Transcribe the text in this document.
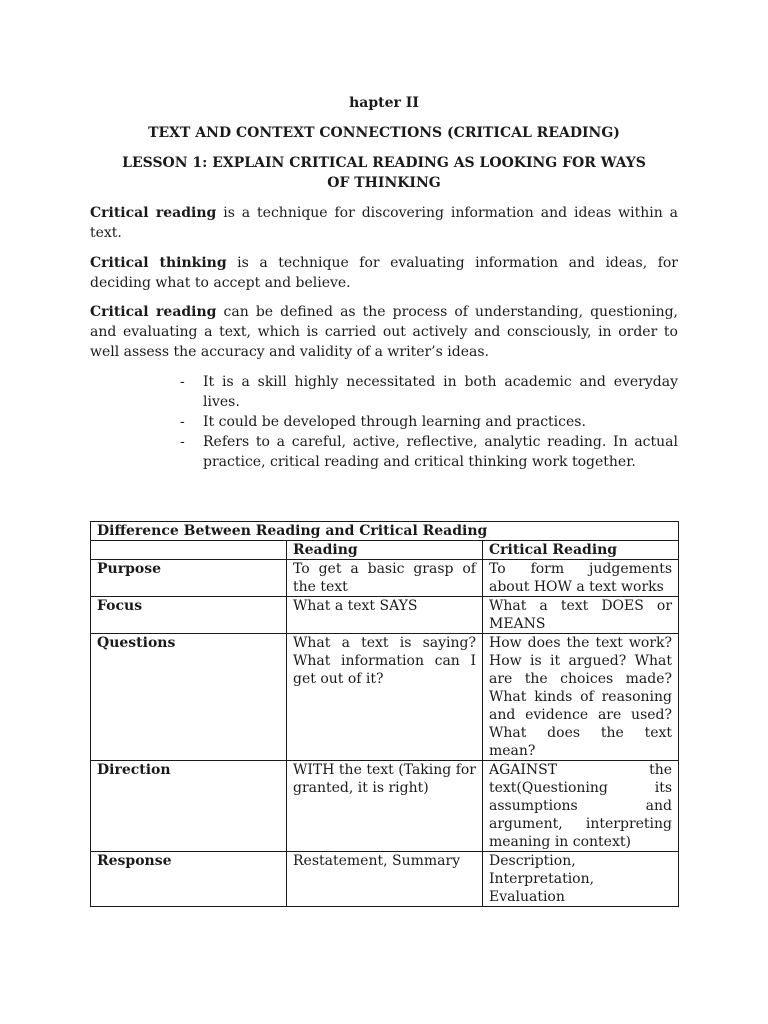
hapter II
TEXT AND CONTEXT CONNECTIONS (CRITICAL READING)
LESSON 1: EXPLAIN CRITICAL READING AS LOOKING FOR WAYS OF THINKING

Critical reading is a technique for discovering information and ideas within a text.

Critical thinking is a technique for evaluating information and ideas, for deciding what to accept and believe.

Critical reading can be defined as the process of understanding, questioning, and evaluating a text, which is carried out actively and consciously, in order to well assess the accuracy and validity of a writer’s ideas.

- It is a skill highly necessitated in both academic and everyday lives.
- It could be developed through learning and practices.
- Refers to a careful, active, reflective, analytic reading. In actual practice, critical reading and critical thinking work together.
Difference Between Reading and Critical Reading		
	Reading	Critical Reading
Purpose	To get a basic grasp of the text	To form judgements about HOW a text works
Focus	What a text SAYS	What a text DOES or MEANS
Questions	What a text is saying? What information can I get out of it?	How does the text work? How is it argued? What are the choices made? What kinds of reasoning and evidence are used? What does the text mean?
Direction	WITH the text (Taking for granted, it is right)	AGAINST the text(Questioning its assumptions and argument, interpreting meaning in context)
Response	Restatement, Summary	Description, Interpretation, Evaluation
